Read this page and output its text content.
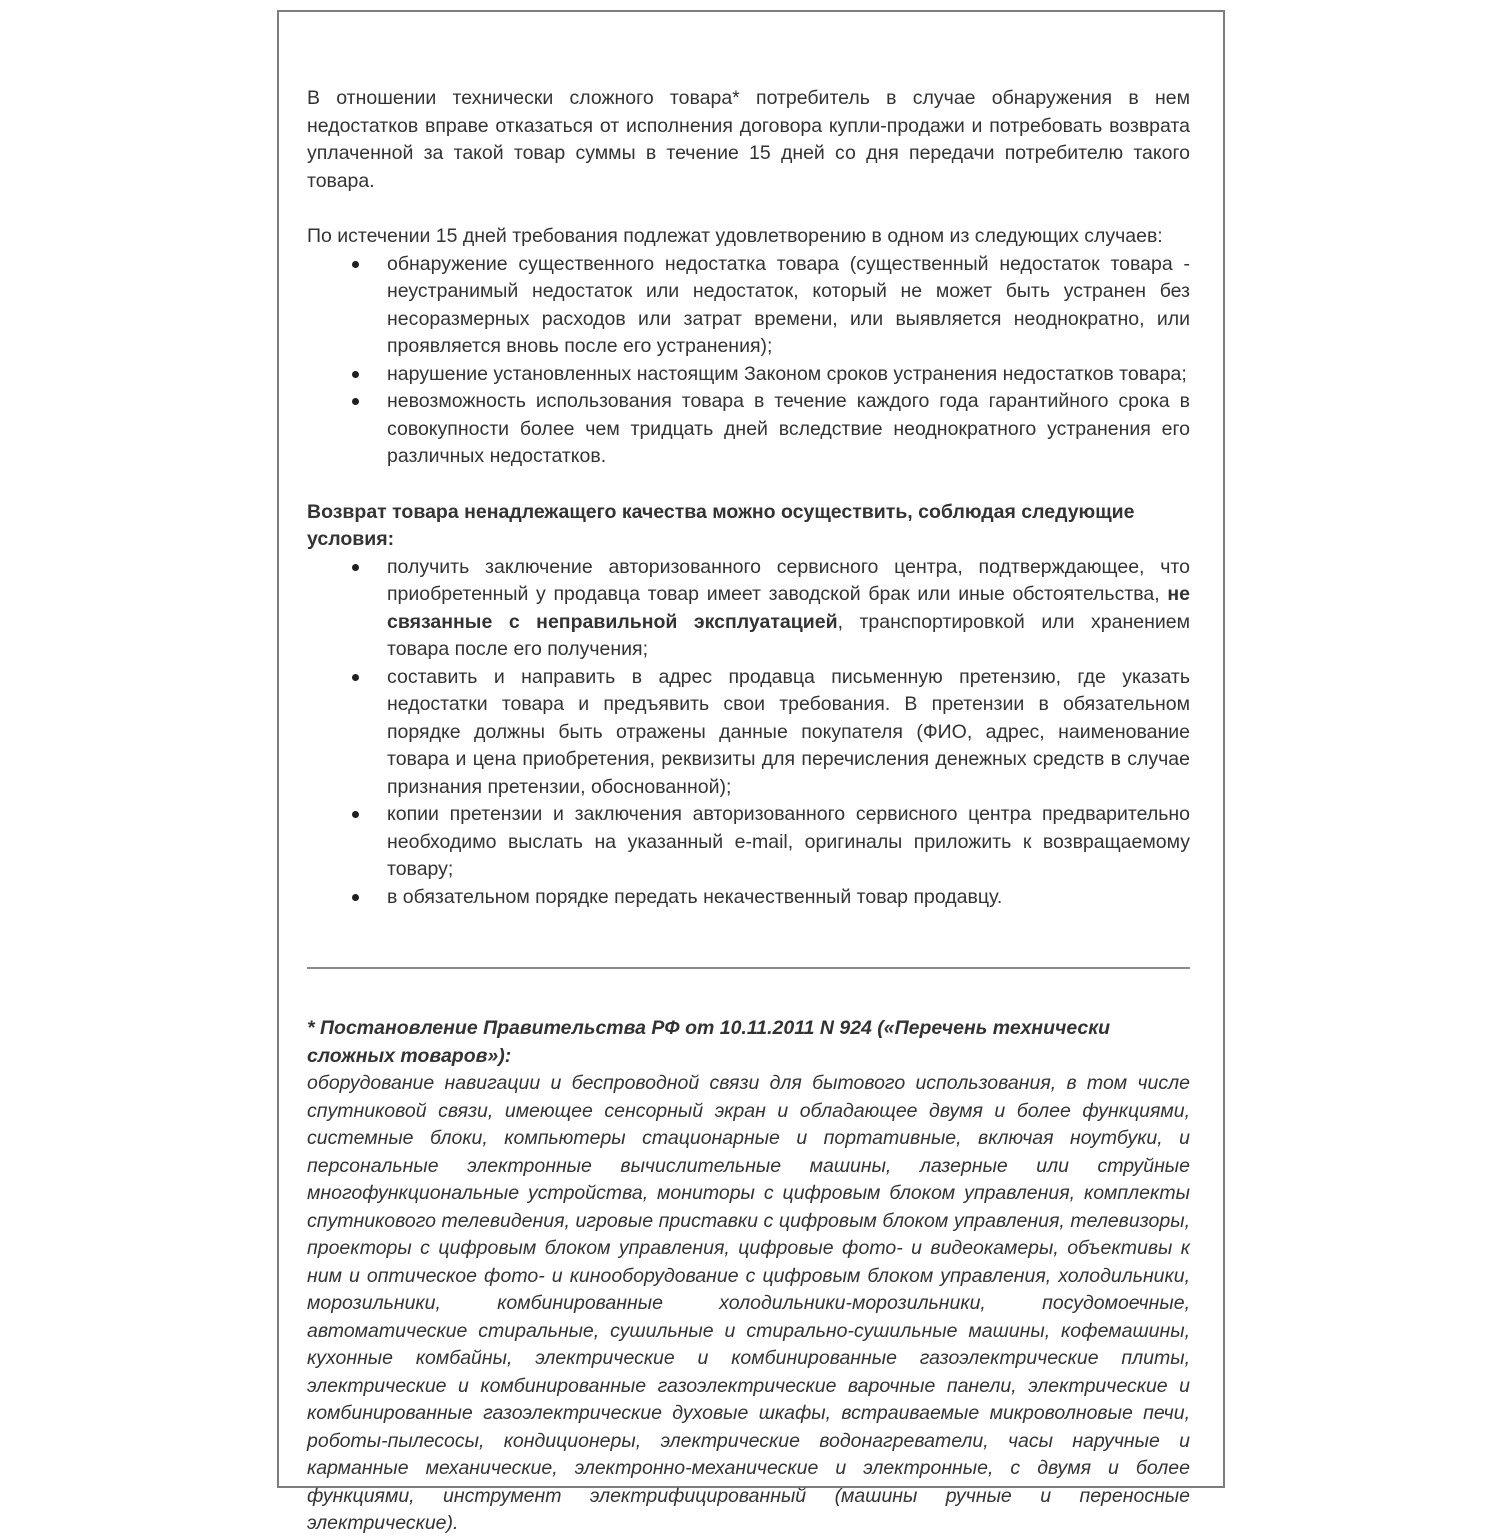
В отношении технически сложного товара* потребитель в случае обнаружения в нем недостатков вправе отказаться от исполнения договора купли-продажи и потребовать возврата уплаченной за такой товар суммы в течение 15 дней со дня передачи потребителю такого товара.

По истечении 15 дней требования подлежат удовлетворению в одном из следующих случаев:

обнаружение существенного недостатка товара (существенный недостаток товара - неустранимый недостаток или недостаток, который не может быть устранен без несоразмерных расходов или затрат времени, или выявляется неоднократно, или проявляется вновь после его устранения);
нарушение установленных настоящим Законом сроков устранения недостатков товара;
невозможность использования товара в течение каждого года гарантийного срока в совокупности более чем тридцать дней вследствие неоднократного устранения его различных недостатков.

Возврат товара ненадлежащего качества можно осуществить, соблюдая следующие условия:

получить заключение авторизованного сервисного центра, подтверждающее, что приобретенный у продавца товар имеет заводской брак или иные обстоятельства, не связанные с неправильной эксплуатацией, транспортировкой или хранением товара после его получения;
составить и направить в адрес продавца письменную претензию, где указать недостатки товара и предъявить свои требования. В претензии в обязательном порядке должны быть отражены данные покупателя (ФИО, адрес, наименование товара и цена приобретения, реквизиты для перечисления денежных средств в случае признания претензии, обоснованной);
копии претензии и заключения авторизованного сервисного центра предварительно необходимо выслать на указанный e-mail, оригиналы приложить к возвращаемому товару;
в обязательном порядке передать некачественный товар продавцу.

* Постановление Правительства РФ от 10.11.2011 N 924 («Перечень технически сложных товаров»):

оборудование навигации и беспроводной связи для бытового использования, в том числе спутниковой связи, имеющее сенсорный экран и обладающее двумя и более функциями, системные блоки, компьютеры стационарные и портативные, включая ноутбуки, и персональные электронные вычислительные машины, лазерные или струйные многофункциональные устройства, мониторы с цифровым блоком управления, комплекты спутникового телевидения, игровые приставки с цифровым блоком управления, телевизоры, проекторы с цифровым блоком управления, цифровые фото- и видеокамеры, объективы к ним и оптическое фото- и кинооборудование с цифровым блоком управления, холодильники, морозильники, комбинированные холодильники-морозильники, посудомоечные, автоматические стиральные, сушильные и стирально-сушильные машины, кофемашины, кухонные комбайны, электрические и комбинированные газоэлектрические плиты, электрические и комбинированные газоэлектрические варочные панели, электрические и комбинированные газоэлектрические духовые шкафы, встраиваемые микроволновые печи, роботы-пылесосы, кондиционеры, электрические водонагреватели, часы наручные и карманные механические, электронно-механические и электронные, с двумя и более функциями, инструмент электрифицированный (машины ручные и переносные электрические).
